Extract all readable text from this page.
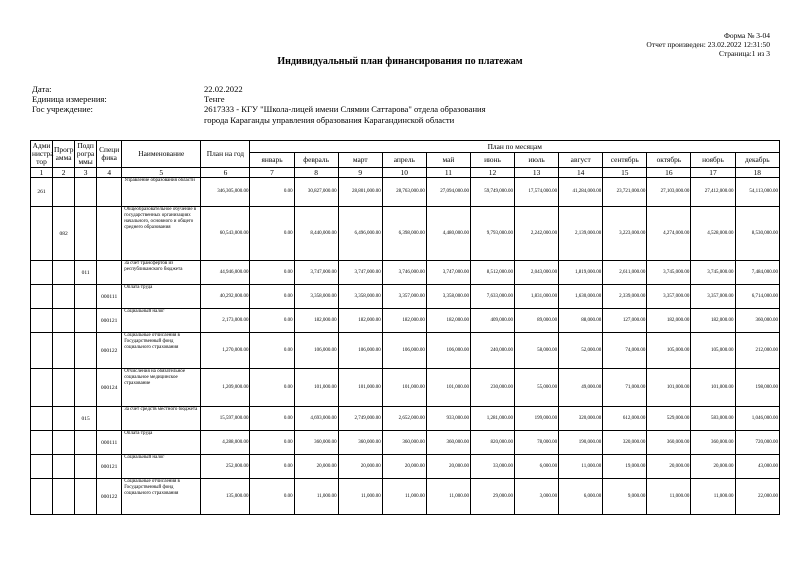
Форма № 3-04
Отчет произведен: 23.02.2022 12:31:50
Страница:1 из 3
Индивидуальный план финансирования по платежам
Дата:	22.02.2022
Единица измерения:	Тенге
Гос учреждение:	2617333 - КГУ "Школа-лицей имени Слямии Саттарова" отдела образования
города Караганды управления образования Карагандинской области
Адми нистра тор	Прогр амма	Подп рогра ммы	Специ фика	Наименование	План на год	План по месяцам											
						январь	февраль	март	апрель	май	июнь	июль	август	сентябрь	октябрь	ноябрь	декабрь
1	2	3	4	5	6	7	8	9	10	11	12	13	14	15	16	17	18
261				Управление образования области	346,305,000.00	0.00	30,827,000.00	28,801,000.00	28,763,000.00	27,094,000.00	59,749,000.00	17,574,000.00	41,284,000.00	23,721,000.00	27,103,000.00	27,412,000.00	54,113,000.00
	082			Общеобразовательное обучение в государственных организациях начального, основного и общего среднего образования	60,543,000.00	0.00	8,440,000.00	6,496,000.00	6,398,000.00	4,480,000.00	9,793,000.00	2,242,000.00	2,139,000.00	3,223,000.00	4,274,000.00	4,528,000.00	8,530,000.00
		011		За счет трансфертов из республиканского бюджета	44,946,000.00	0.00	3,747,000.00	3,747,000.00	3,746,000.00	3,747,000.00	8,512,000.00	2,043,000.00	1,819,000.00	2,611,000.00	3,745,000.00	3,745,000.00	7,484,000.00
			000111	Оплата труда	40,292,000.00	0.00	3,358,000.00	3,358,000.00	3,357,000.00	3,358,000.00	7,633,000.00	1,831,000.00	1,630,000.00	2,339,000.00	3,357,000.00	3,357,000.00	6,714,000.00
			000121	Социальный налог	2,173,000.00	0.00	182,000.00	182,000.00	182,000.00	182,000.00	409,000.00	89,000.00	88,000.00	127,000.00	182,000.00	182,000.00	360,000.00
			000122	Социальные отчисления в Государственный фонд социального страхования	1,270,000.00	0.00	106,000.00	106,000.00	106,000.00	106,000.00	240,000.00	58,000.00	52,000.00	74,000.00	105,000.00	105,000.00	212,000.00
			000124	Отчисления на обязательное социальное медицинское страхование	1,209,000.00	0.00	101,000.00	101,000.00	101,000.00	101,000.00	230,000.00	55,000.00	49,000.00	71,000.00	101,000.00	101,000.00	198,000.00
		015		За счет средств местного бюджета	15,597,000.00	0.00	4,693,000.00	2,749,000.00	2,652,000.00	933,000.00	1,281,000.00	199,000.00	320,000.00	612,000.00	529,000.00	583,000.00	1,046,000.00
			000111	Оплата труда	4,288,000.00	0.00	360,000.00	360,000.00	360,000.00	360,000.00	820,000.00	78,000.00	190,000.00	320,000.00	360,000.00	360,000.00	720,000.00
			000121	Социальный налог	252,000.00	0.00	20,000.00	20,000.00	20,000.00	20,000.00	33,000.00	6,000.00	11,000.00	19,000.00	20,000.00	20,000.00	43,000.00
			000122	Социальные отчисления в Государственный фонд социального страхования	135,000.00	0.00	11,000.00	11,000.00	11,000.00	11,000.00	29,000.00	3,000.00	6,000.00	9,000.00	11,000.00	11,000.00	22,000.00
